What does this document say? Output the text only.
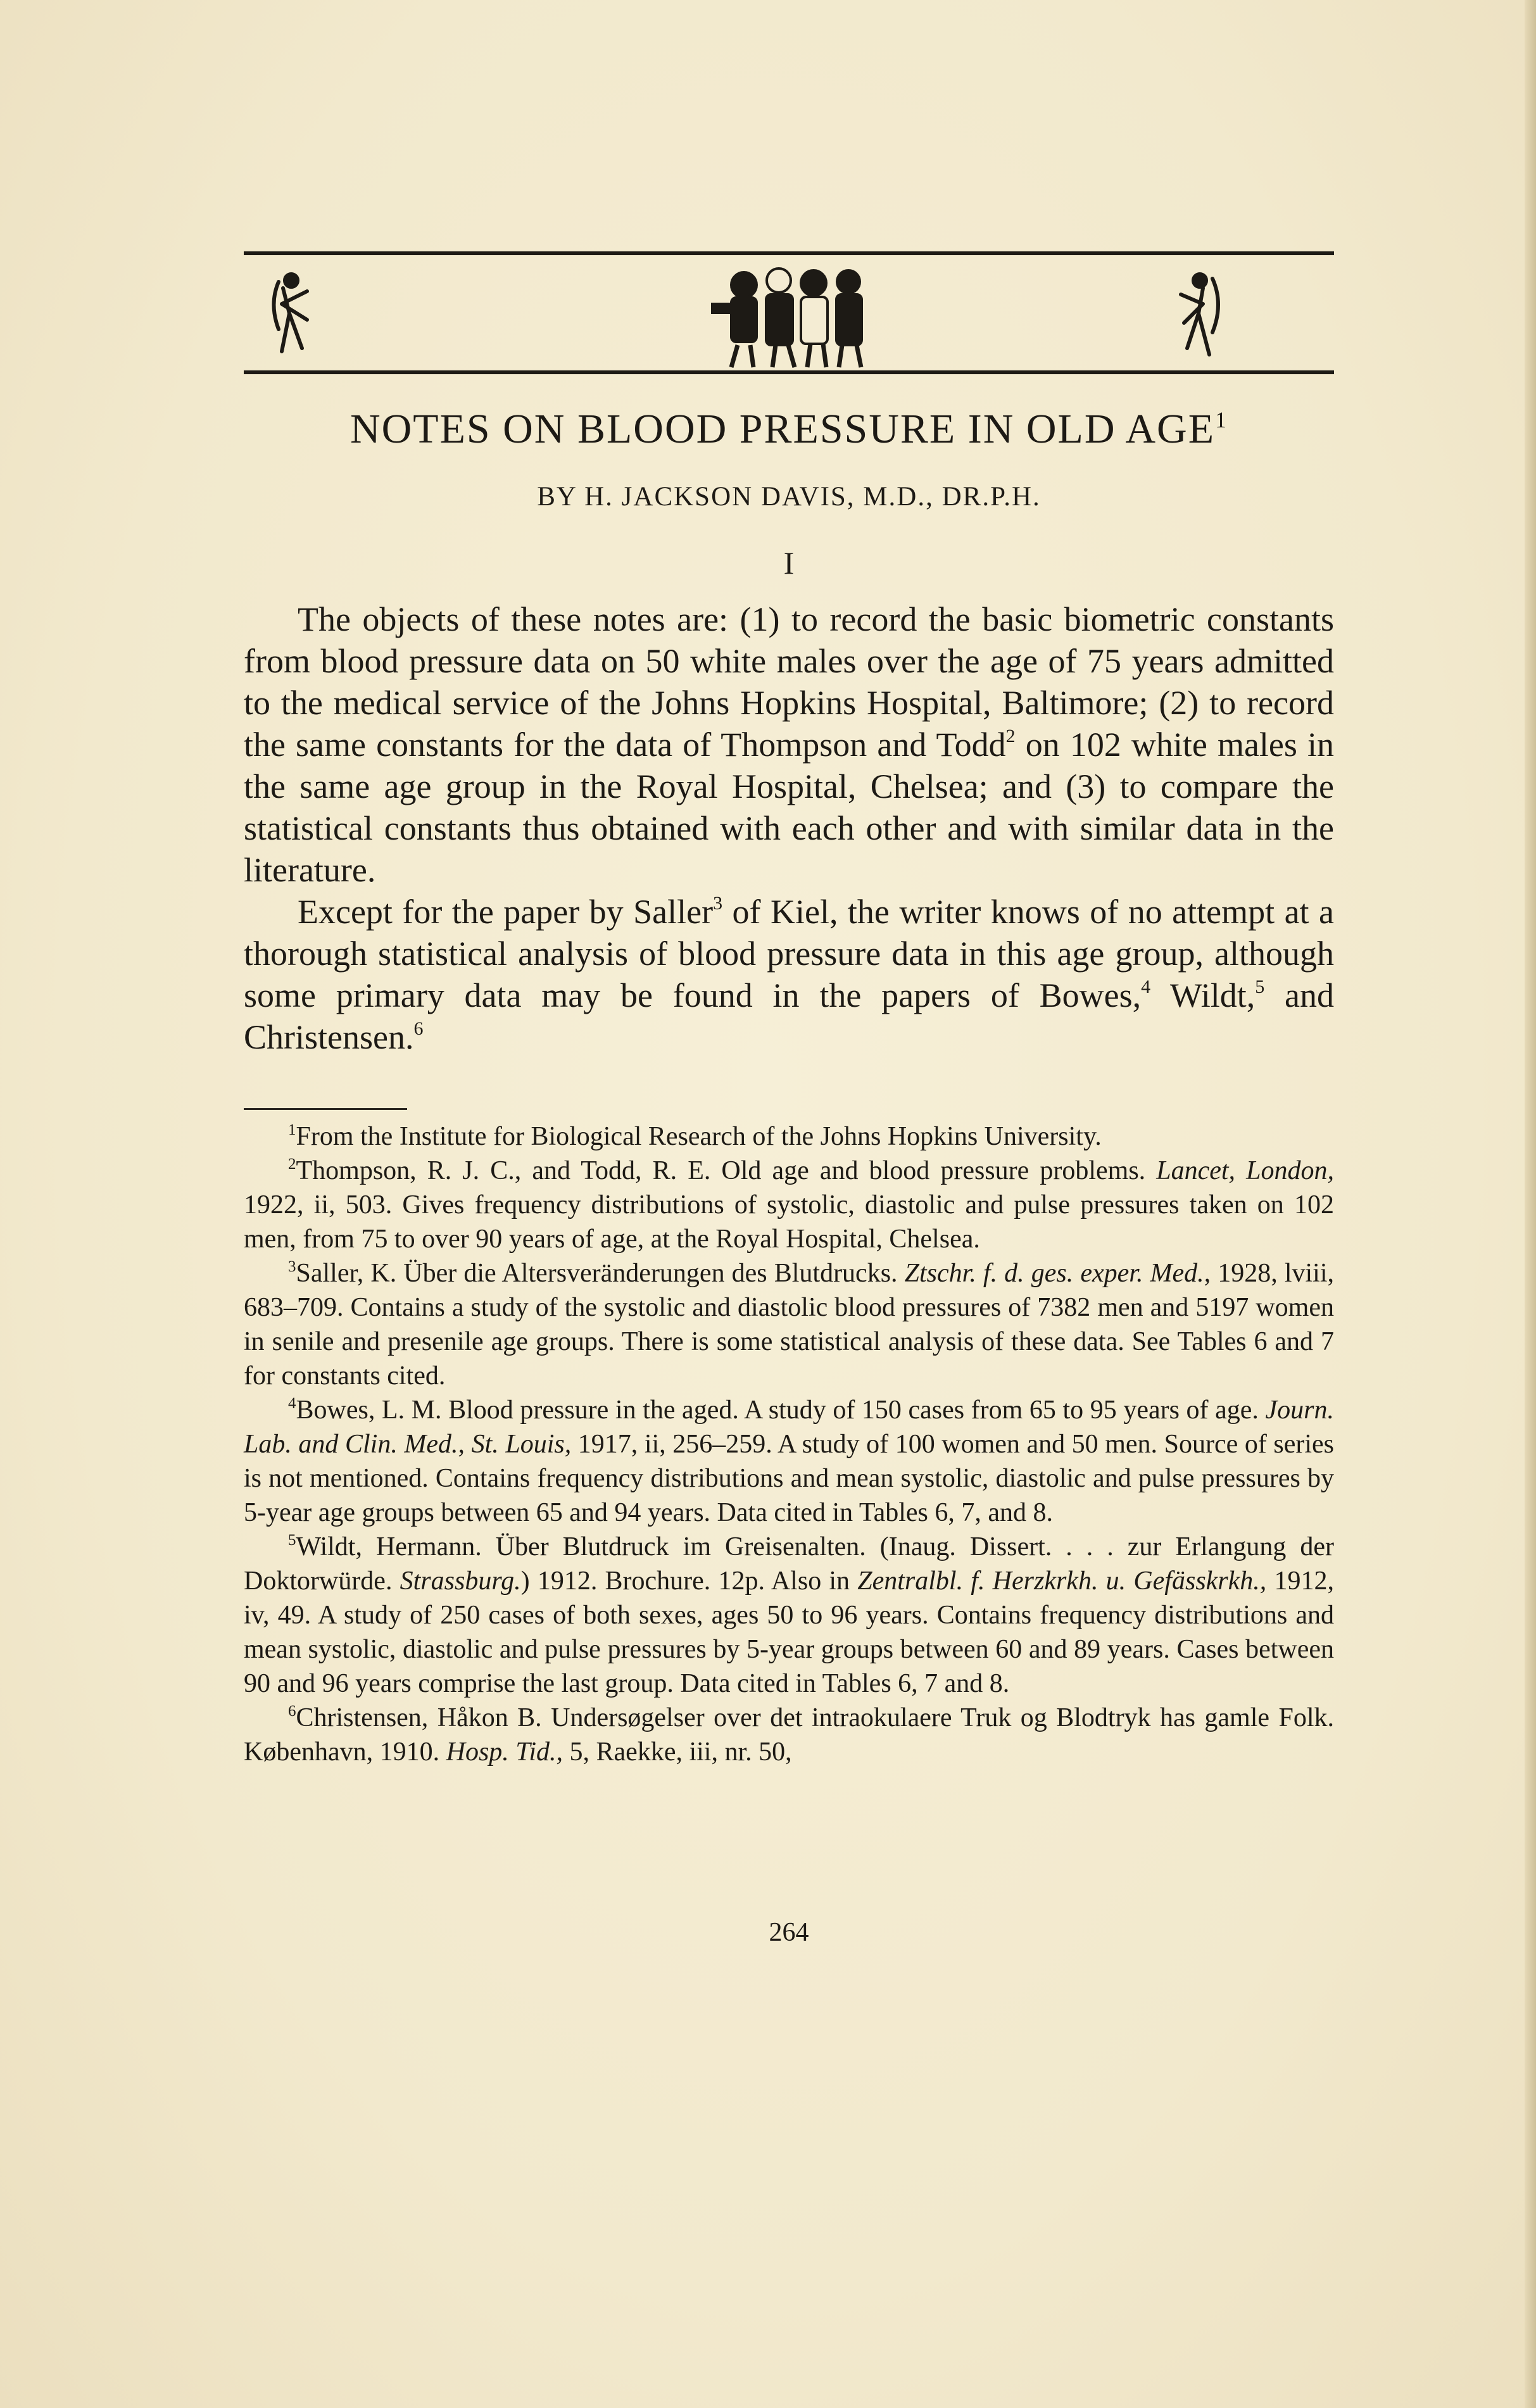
NOTES ON BLOOD PRESSURE IN OLD AGE$^1$
BY H. JACKSON DAVIS, M.D., DR.P.H.
I

The objects of these notes are: (1) to record the basic biometric constants from blood pressure data on 50 white males over the age of 75 years admitted to the medical service of the Johns Hopkins Hospital, Baltimore; (2) to record the same constants for the data of Thompson and Todd$^2$ on 102 white males in the same age group in the Royal Hospital, Chelsea; and (3) to compare the statistical constants thus obtained with each other and with similar data in the literature.

Except for the paper by Saller$^3$ of Kiel, the writer knows of no attempt at a thorough statistical analysis of blood pressure data in this age group, although some primary data may be found in the papers of Bowes,$^4$ Wildt,$^5$ and Christensen.$^6$

$^1$From the Institute for Biological Research of the Johns Hopkins University.

$^2$Thompson, R. J. C., and Todd, R. E. Old age and blood pressure problems. Lancet, London, 1922, ii, 503. Gives frequency distributions of systolic, diastolic and pulse pressures taken on 102 men, from 75 to over 90 years of age, at the Royal Hospital, Chelsea.

$^3$Saller, K. Über die Altersveränderungen des Blutdrucks. Ztschr. f. d. ges. exper. Med., 1928, lviii, 683–709. Contains a study of the systolic and diastolic blood pressures of 7382 men and 5197 women in senile and presenile age groups. There is some statistical analysis of these data. See Tables 6 and 7 for constants cited.

$^4$Bowes, L. M. Blood pressure in the aged. A study of 150 cases from 65 to 95 years of age. Journ. Lab. and Clin. Med., St. Louis, 1917, ii, 256–259. A study of 100 women and 50 men. Source of series is not mentioned. Contains frequency distributions and mean systolic, diastolic and pulse pressures by 5-year age groups between 65 and 94 years. Data cited in Tables 6, 7, and 8.

$^5$Wildt, Hermann. Über Blutdruck im Greisenalten. (Inaug. Dissert. . . . zur Erlangung der Doktorwürde. Strassburg.) 1912. Brochure. 12p. Also in Zentralbl. f. Herzkrkh. u. Gefässkrkh., 1912, iv, 49. A study of 250 cases of both sexes, ages 50 to 96 years. Contains frequency distributions and mean systolic, diastolic and pulse pressures by 5-year groups between 60 and 89 years. Cases between 90 and 96 years comprise the last group. Data cited in Tables 6, 7 and 8.

$^6$Christensen, Håkon B. Undersøgelser over det intraokulaere Truk og Blodtryk has gamle Folk. København, 1910. Hosp. Tid., 5, Raekke, iii, nr. 50,

264
